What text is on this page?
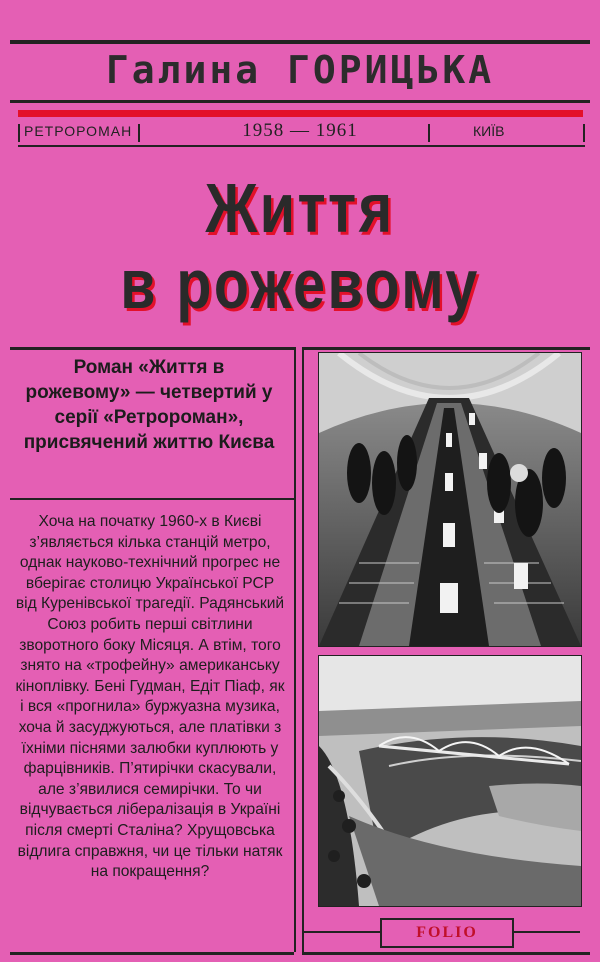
Галина ГОРИЦЬКА
РЕТРОРОМАН	1958 — 1961	КИЇВ
Життя
в рожевому
Роман «Життя в рожевому» — четвертий у серії «Ретророман», присвячений життю Києва
Хоча на початку 1960-х в Києві з’являється кілька станцій метро, однак науково-технічний прогрес не вберігає столицю Української РСР від Куренівської трагедії. Радянський Союз робить перші світлини зворотного боку Місяця. А втім, того знято на «трофейну» американську кіноплівку. Бені Гудман, Едіт Піаф, як і вся «прогнила» буржуазна музика, хоча й засуджуються, але платівки з їхніми піснями залюбки куплюють у фарцівників. П’ятирічки скасували, але з’явилися семирічки. То чи відчувається лібералізація в Україні після смерті Сталіна? Хрущовська відлига справжня, чи це тільки натяк на покращення?
FOLIO
